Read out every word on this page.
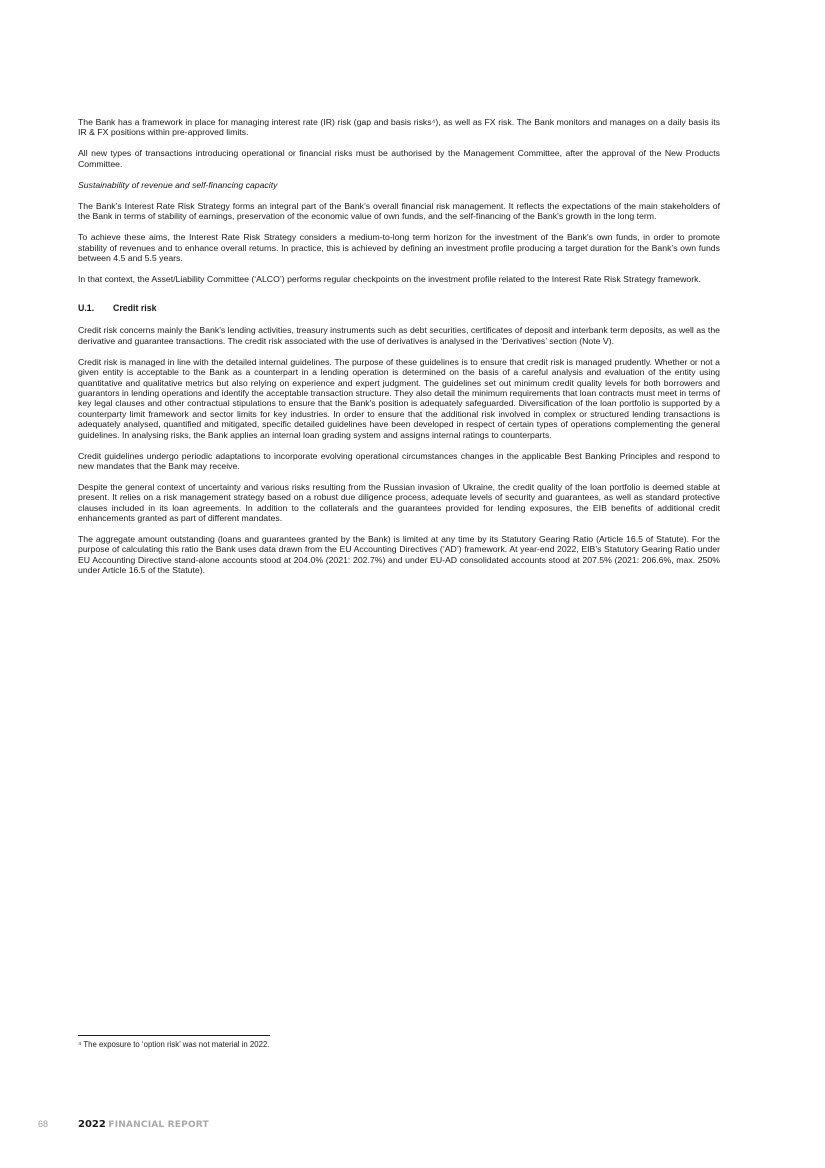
The Bank has a framework in place for managing interest rate (IR) risk (gap and basis risks⁴), as well as FX risk. The Bank monitors and manages on a daily basis its IR & FX positions within pre-approved limits.

All new types of transactions introducing operational or financial risks must be authorised by the Management Committee, after the approval of the New Products Committee.

Sustainability of revenue and self-financing capacity

The Bank’s Interest Rate Risk Strategy forms an integral part of the Bank’s overall financial risk management. It reflects the expectations of the main stakeholders of the Bank in terms of stability of earnings, preservation of the economic value of own funds, and the self-financing of the Bank’s growth in the long term.

To achieve these aims, the Interest Rate Risk Strategy considers a medium-to-long term horizon for the investment of the Bank’s own funds, in order to promote stability of revenues and to enhance overall returns. In practice, this is achieved by defining an investment profile producing a target duration for the Bank’s own funds between 4.5 and 5.5 years.

In that context, the Asset/Liability Committee (‘ALCO’) performs regular checkpoints on the investment profile related to the Interest Rate Risk Strategy framework.

U.1. Credit risk

Credit risk concerns mainly the Bank's lending activities, treasury instruments such as debt securities, certificates of deposit and interbank term deposits, as well as the derivative and guarantee transactions. The credit risk associated with the use of derivatives is analysed in the ‘Derivatives’ section (Note V).

Credit risk is managed in line with the detailed internal guidelines. The purpose of these guidelines is to ensure that credit risk is managed prudently. Whether or not a given entity is acceptable to the Bank as a counterpart in a lending operation is determined on the basis of a careful analysis and evaluation of the entity using quantitative and qualitative metrics but also relying on experience and expert judgment. The guidelines set out minimum credit quality levels for both borrowers and guarantors in lending operations and identify the acceptable transaction structure. They also detail the minimum requirements that loan contracts must meet in terms of key legal clauses and other contractual stipulations to ensure that the Bank's position is adequately safeguarded. Diversification of the loan portfolio is supported by a counterparty limit framework and sector limits for key industries. In order to ensure that the additional risk involved in complex or structured lending transactions is adequately analysed, quantified and mitigated, specific detailed guidelines have been developed in respect of certain types of operations complementing the general guidelines. In analysing risks, the Bank applies an internal loan grading system and assigns internal ratings to counterparts.

Credit guidelines undergo periodic adaptations to incorporate evolving operational circumstances changes in the applicable Best Banking Principles and respond to new mandates that the Bank may receive.

Despite the general context of uncertainty and various risks resulting from the Russian invasion of Ukraine, the credit quality of the loan portfolio is deemed stable at present. It relies on a risk management strategy based on a robust due diligence process, adequate levels of security and guarantees, as well as standard protective clauses included in its loan agreements. In addition to the collaterals and the guarantees provided for lending exposures, the EIB benefits of additional credit enhancements granted as part of different mandates.

The aggregate amount outstanding (loans and guarantees granted by the Bank) is limited at any time by its Statutory Gearing Ratio (Article 16.5 of Statute). For the purpose of calculating this ratio the Bank uses data drawn from the EU Accounting Directives (‘AD’) framework. At year-end 2022, EIB’s Statutory Gearing Ratio under EU Accounting Directive stand-alone accounts stood at 204.0% (2021: 202.7%) and under EU-AD consolidated accounts stood at 207.5% (2021: 206.6%, max. 250% under Article 16.5 of the Statute).

⁴ The exposure to ‘option risk’ was not material in 2022.
68	2022 FINANCIAL REPORT
